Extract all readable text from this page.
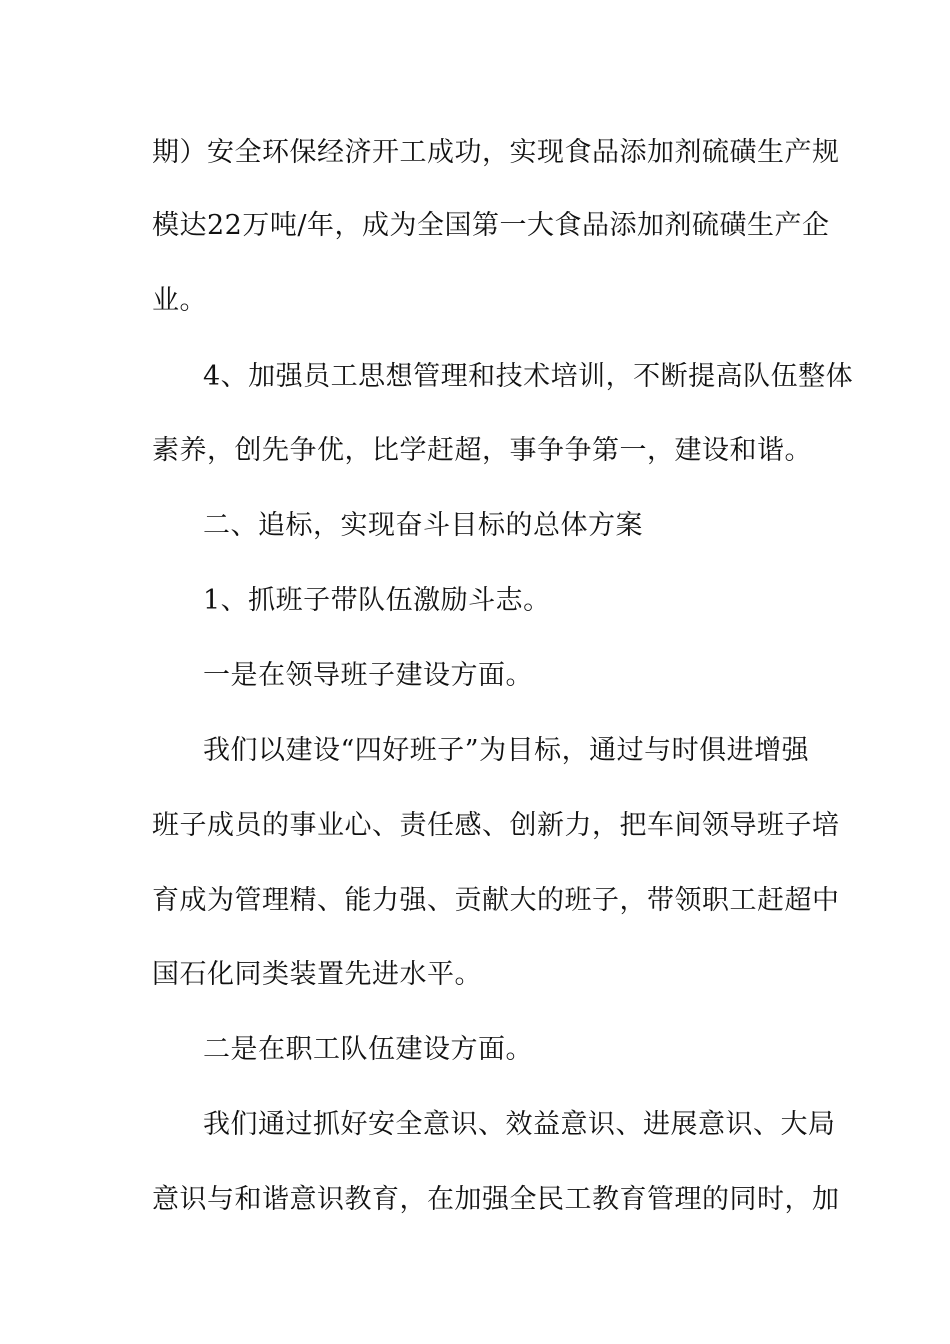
期）安全环保经济开工成功，实现食品添加剂硫磺生产规
模达22万吨/年，成为全国第一大食品添加剂硫磺生产企
业。
4、加强员工思想管理和技术培训，不断提高队伍整体
素养，创先争优，比学赶超，事争争第一，建设和谐。
二、追标，实现奋斗目标的总体方案
1、抓班子带队伍激励斗志。
一是在领导班子建设方面。
我们以建设“四好班子”为目标，通过与时俱进增强
班子成员的事业心、责任感、创新力，把车间领导班子培
育成为管理精、能力强、贡献大的班子，带领职工赶超中
国石化同类装置先进水平。
二是在职工队伍建设方面。
我们通过抓好安全意识、效益意识、进展意识、大局
意识与和谐意识教育，在加强全民工教育管理的同时，加
